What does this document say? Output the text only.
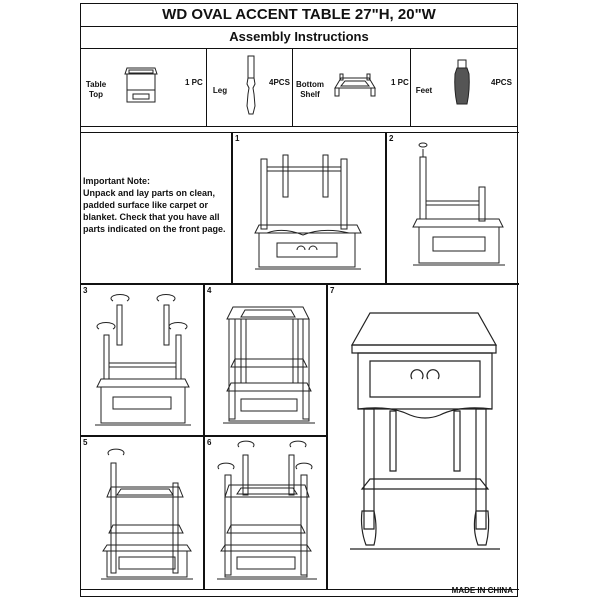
WD OVAL ACCENT TABLE 27"H, 20"W
Assembly Instructions
Table Top
1 PC
Leg
4PCS Bottom Shelf
1 PC
Feet
4PCS
Important Note:
Unpack and lay parts on clean, padded surface like carpet or blanket. Check that you have all parts indicated on the front page.
1	2
3	4	7
5	6
MADE IN CHINA
